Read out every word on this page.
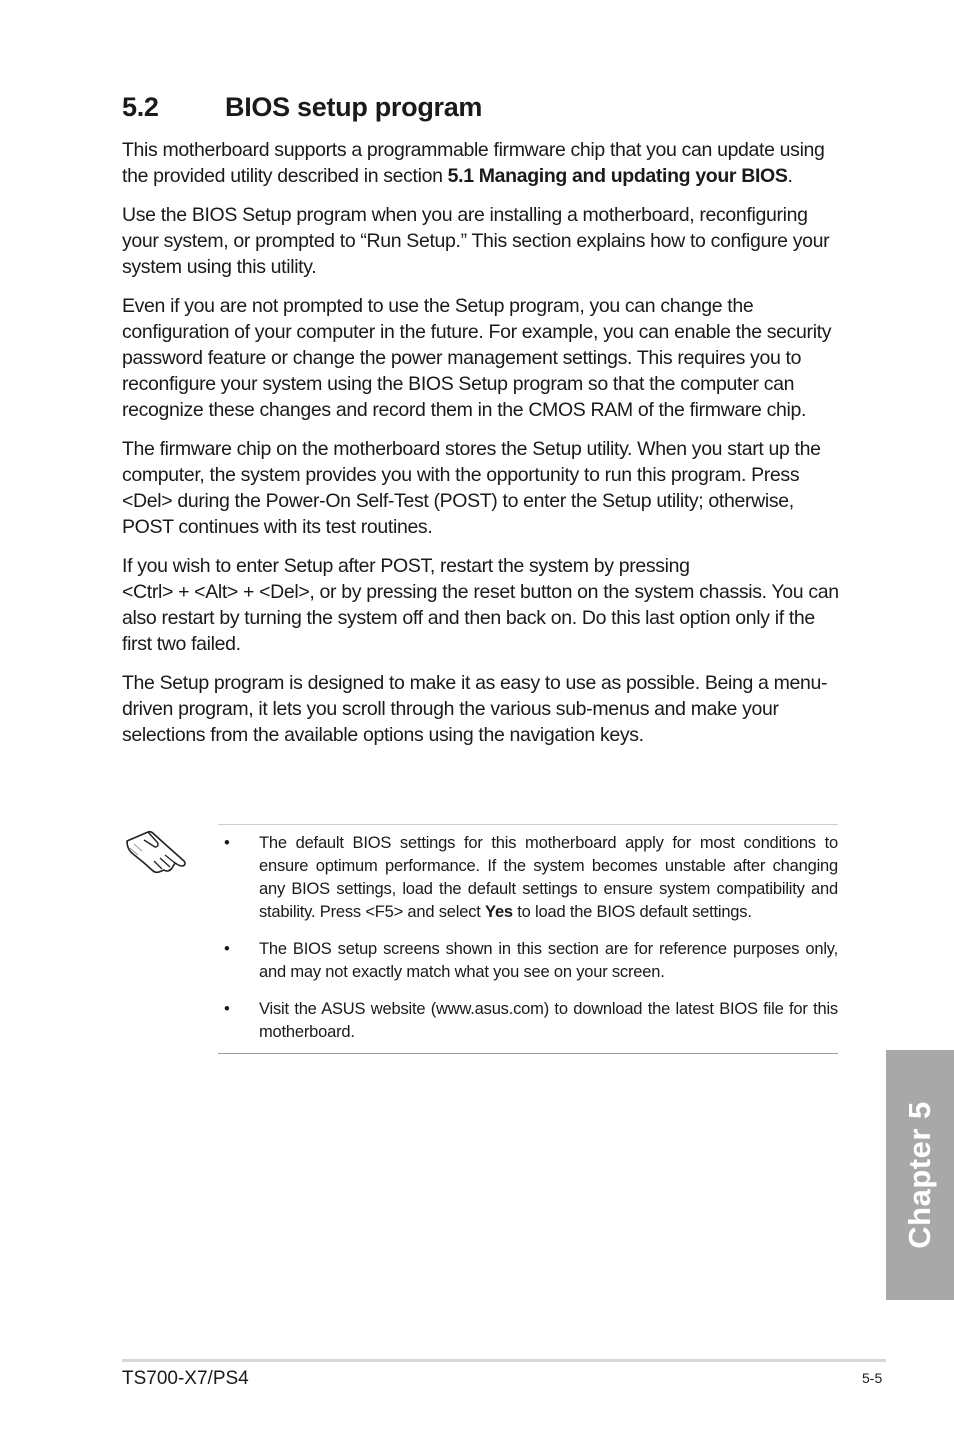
5.2 BIOS setup program

This motherboard supports a programmable firmware chip that you can update using the provided utility described in section 5.1 Managing and updating your BIOS.

Use the BIOS Setup program when you are installing a motherboard, reconfiguring your system, or prompted to “Run Setup.” This section explains how to configure your system using this utility.

Even if you are not prompted to use the Setup program, you can change the configuration of your computer in the future. For example, you can enable the security password feature or change the power management settings. This requires you to reconfigure your system using the BIOS Setup program so that the computer can recognize these changes and record them in the CMOS RAM of the firmware chip.

The firmware chip on the motherboard stores the Setup utility. When you start up the computer, the system provides you with the opportunity to run this program. Press <Del> during the Power-On Self-Test (POST) to enter the Setup utility; otherwise, POST continues with its test routines.

If you wish to enter Setup after POST, restart the system by pressing
<Ctrl> + <Alt> + <Del>, or by pressing the reset button on the system chassis. You can also restart by turning the system off and then back on. Do this last option only if the first two failed.

The Setup program is designed to make it as easy to use as possible. Being a menu-driven program, it lets you scroll through the various sub-menus and make your selections from the available options using the navigation keys.

• The default BIOS settings for this motherboard apply for most conditions to ensure optimum performance. If the system becomes unstable after changing any BIOS settings, load the default settings to ensure system compatibility and stability. Press <F5> and select Yes to load the BIOS default settings.
• The BIOS setup screens shown in this section are for reference purposes only, and may not exactly match what you see on your screen.
• Visit the ASUS website (www.asus.com) to download the latest BIOS file for this motherboard.
Chapter 5
TS700-X7/PS4	5-5
